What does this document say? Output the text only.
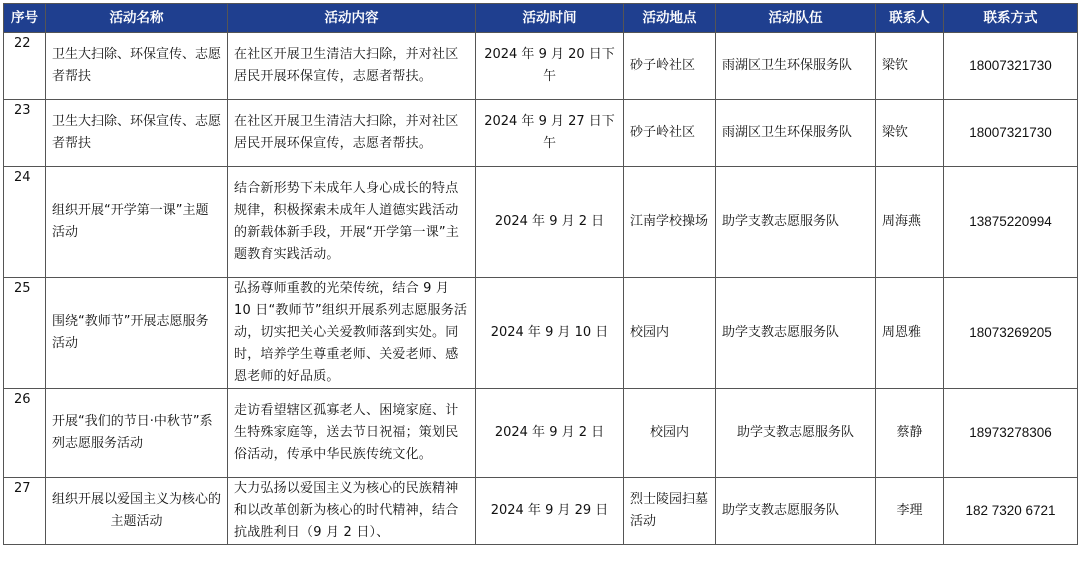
序号	活动名称	活动内容	活动时间	活动地点	活动队伍	联系人	联系方式
22	卫生大扫除、环保宣传、志愿者帮扶	在社区开展卫生清洁大扫除，并对社区居民开展环保宣传，志愿者帮扶。	2024 年 9 月 20 日下午	砂子岭社区	雨湖区卫生环保服务队	梁钦	18007321730
23	卫生大扫除、环保宣传、志愿者帮扶	在社区开展卫生清洁大扫除，并对社区居民开展环保宣传，志愿者帮扶。	2024 年 9 月 27 日下午	砂子岭社区	雨湖区卫生环保服务队	梁钦	18007321730
24	组织开展“开学第一课”主题活动	结合新形势下未成年人身心成长的特点规律，积极探索未成年人道德实践活动的新载体新手段，开展“开学第一课”主题教育实践活动。	2024 年 9 月 2 日	江南学校操场	助学支教志愿服务队	周海燕	13875220994
25	围绕“教师节”开展志愿服务活动	弘扬尊师重教的光荣传统，结合 9 月 10 日“教师节”组织开展系列志愿服务活动，切实把关心关爱教师落到实处。同时，培养学生尊重老师、关爱老师、感恩老师的好品质。	2024 年 9 月 10 日	校园内	助学支教志愿服务队	周恩雅	18073269205
26	开展“我们的节日·中秋节”系列志愿服务活动	走访看望辖区孤寡老人、困境家庭、计生特殊家庭等，送去节日祝福；策划民俗活动，传承中华民族传统文化。	2024 年 9 月 2 日	校园内	助学支教志愿服务队	蔡静	18973278306
27	组织开展以爱国主义为核心的主题活动	大力弘扬以爱国主义为核心的民族精神和以改革创新为核心的时代精神，结合抗战胜利日（9 月 2 日）、	2024 年 9 月 29 日	烈士陵园扫墓活动	助学支教志愿服务队	李理	182 7320 6721
